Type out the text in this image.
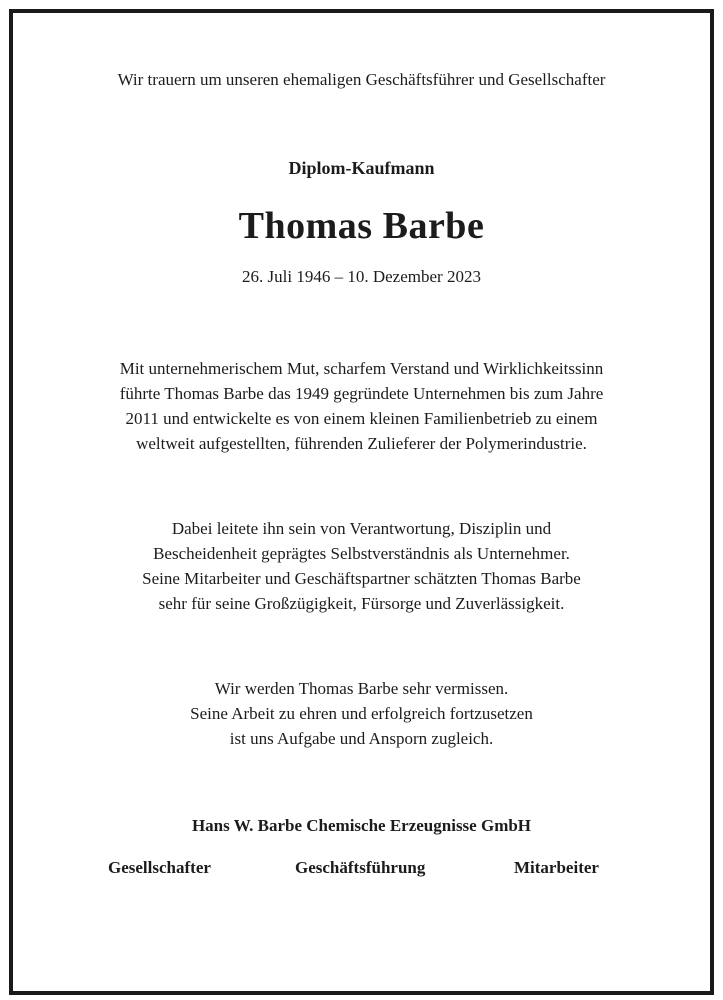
Wir trauern um unseren ehemaligen Geschäftsführer und Gesellschafter
Diplom-Kaufmann
Thomas Barbe
26. Juli 1946 – 10. Dezember 2023
Mit unternehmerischem Mut, scharfem Verstand und Wirklichkeitssinn
führte Thomas Barbe das 1949 gegründete Unternehmen bis zum Jahre
2011 und entwickelte es von einem kleinen Familienbetrieb zu einem
weltweit aufgestellten, führenden Zulieferer der Polymerindustrie.
Dabei leitete ihn sein von Verantwortung, Disziplin und
Bescheidenheit geprägtes Selbstverständnis als Unternehmer.
Seine Mitarbeiter und Geschäftspartner schätzten Thomas Barbe
sehr für seine Großzügigkeit, Fürsorge und Zuverlässigkeit.
Wir werden Thomas Barbe sehr vermissen.
Seine Arbeit zu ehren und erfolgreich fortzusetzen
ist uns Aufgabe und Ansporn zugleich.
Hans W. Barbe Chemische Erzeugnisse GmbH
Gesellschafter	Geschäftsführung	Mitarbeiter
